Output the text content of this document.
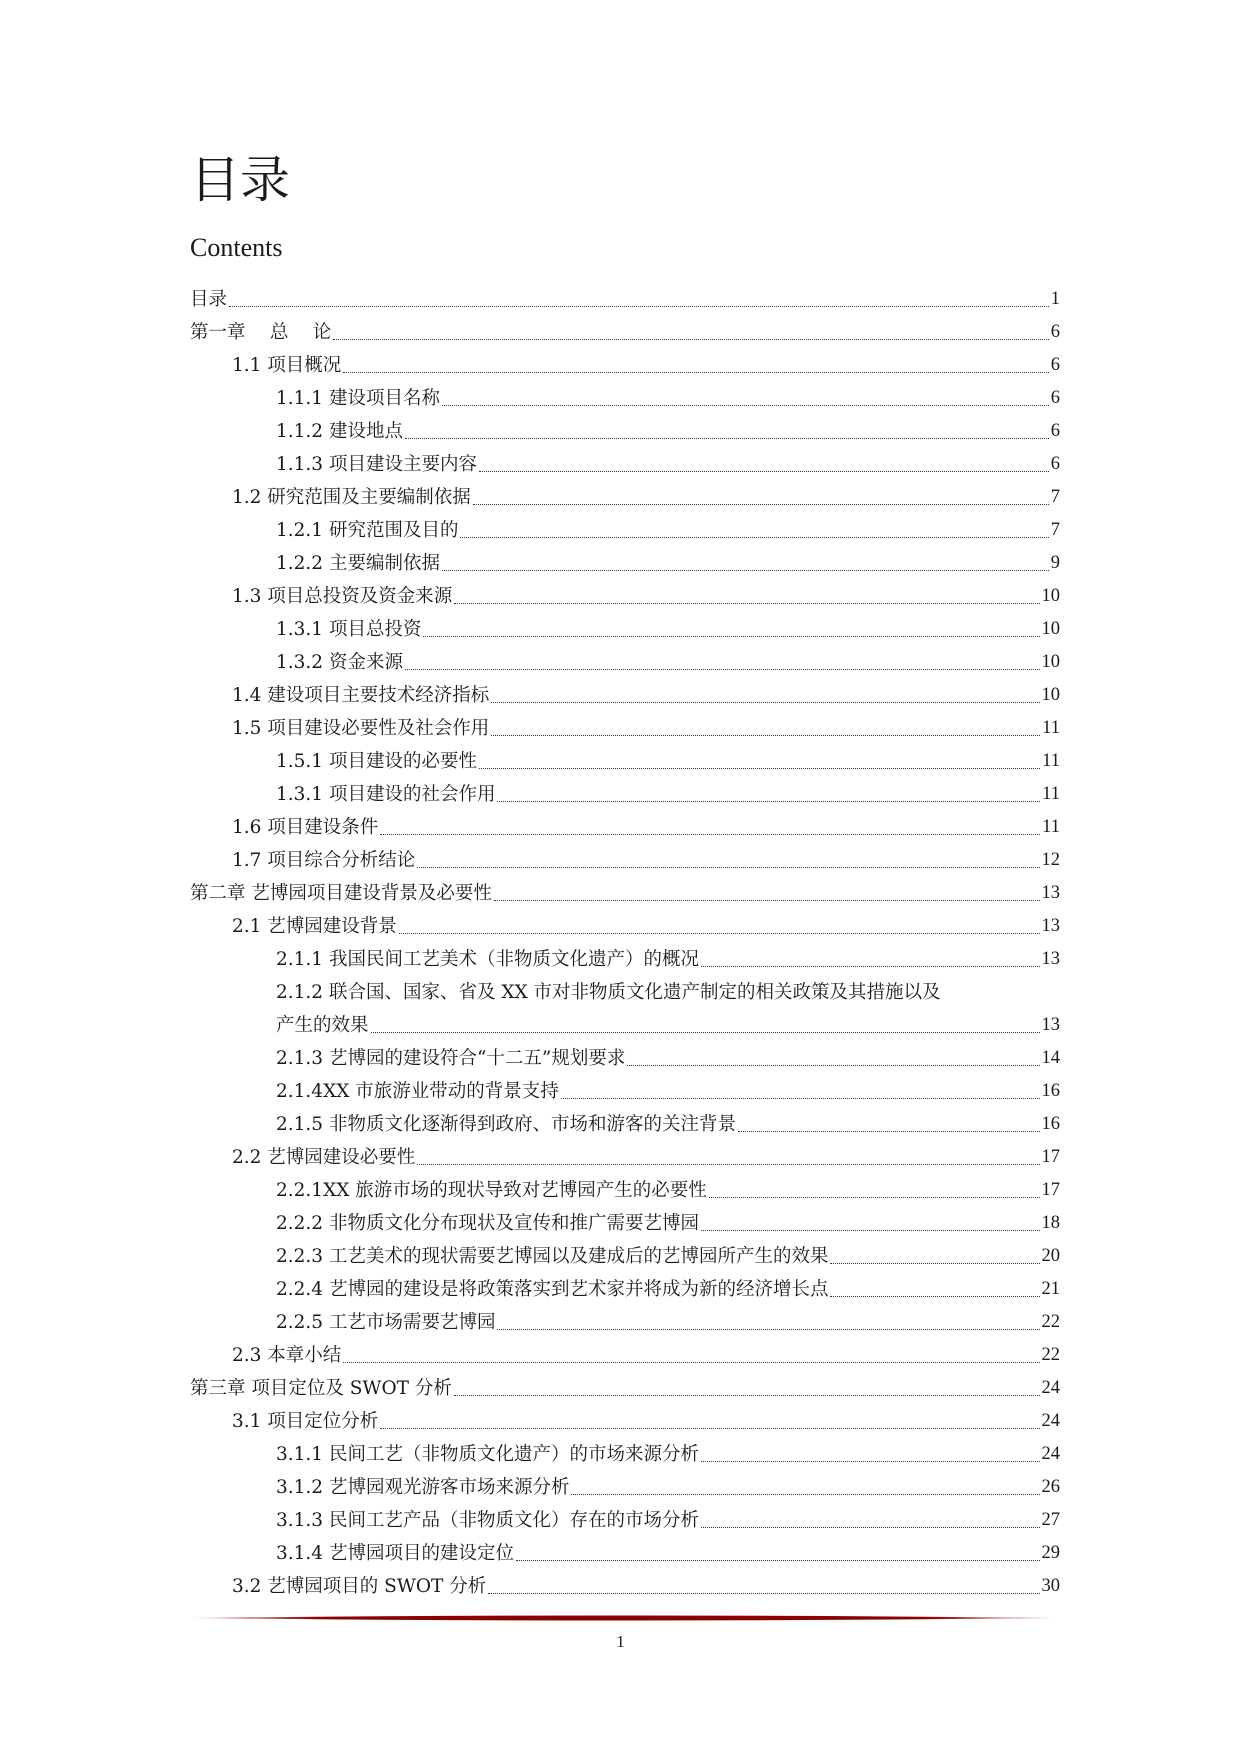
目录
Contents
目录	1
第一章　 总　 论	6
1.1 项目概况	6
1.1.1 建设项目名称	6
1.1.2 建设地点	6
1.1.3 项目建设主要内容	6
1.2 研究范围及主要编制依据	7
1.2.1 研究范围及目的	7
1.2.2 主要编制依据	9
1.3 项目总投资及资金来源	10
1.3.1 项目总投资	10
1.3.2 资金来源	10
1.4 建设项目主要技术经济指标	10
1.5 项目建设必要性及社会作用	11
1.5.1 项目建设的必要性	11
1.3.1 项目建设的社会作用	11
1.6 项目建设条件	11
1.7 项目综合分析结论	12
第二章 艺博园项目建设背景及必要性	13
2.1 艺博园建设背景	13
2.1.1 我国民间工艺美术（非物质文化遗产）的概况	13
2.1.2 联合国、国家、省及 XX 市对非物质文化遗产制定的相关政策及其措施以及
产生的效果	13
2.1.3 艺博园的建设符合“十二五”规划要求	14
2.1.4XX 市旅游业带动的背景支持	16
2.1.5 非物质文化逐渐得到政府、市场和游客的关注背景	16
2.2 艺博园建设必要性	17
2.2.1XX 旅游市场的现状导致对艺博园产生的必要性	17
2.2.2 非物质文化分布现状及宣传和推广需要艺博园	18
2.2.3 工艺美术的现状需要艺博园以及建成后的艺博园所产生的效果	20
2.2.4 艺博园的建设是将政策落实到艺术家并将成为新的经济增长点	21
2.2.5 工艺市场需要艺博园	22
2.3 本章小结	22
第三章 项目定位及 SWOT 分析	24
3.1 项目定位分析	24
3.1.1 民间工艺（非物质文化遗产）的市场来源分析	24
3.1.2 艺博园观光游客市场来源分析	26
3.1.3 民间工艺产品（非物质文化）存在的市场分析	27
3.1.4 艺博园项目的建设定位	29
3.2 艺博园项目的 SWOT 分析	30
1
